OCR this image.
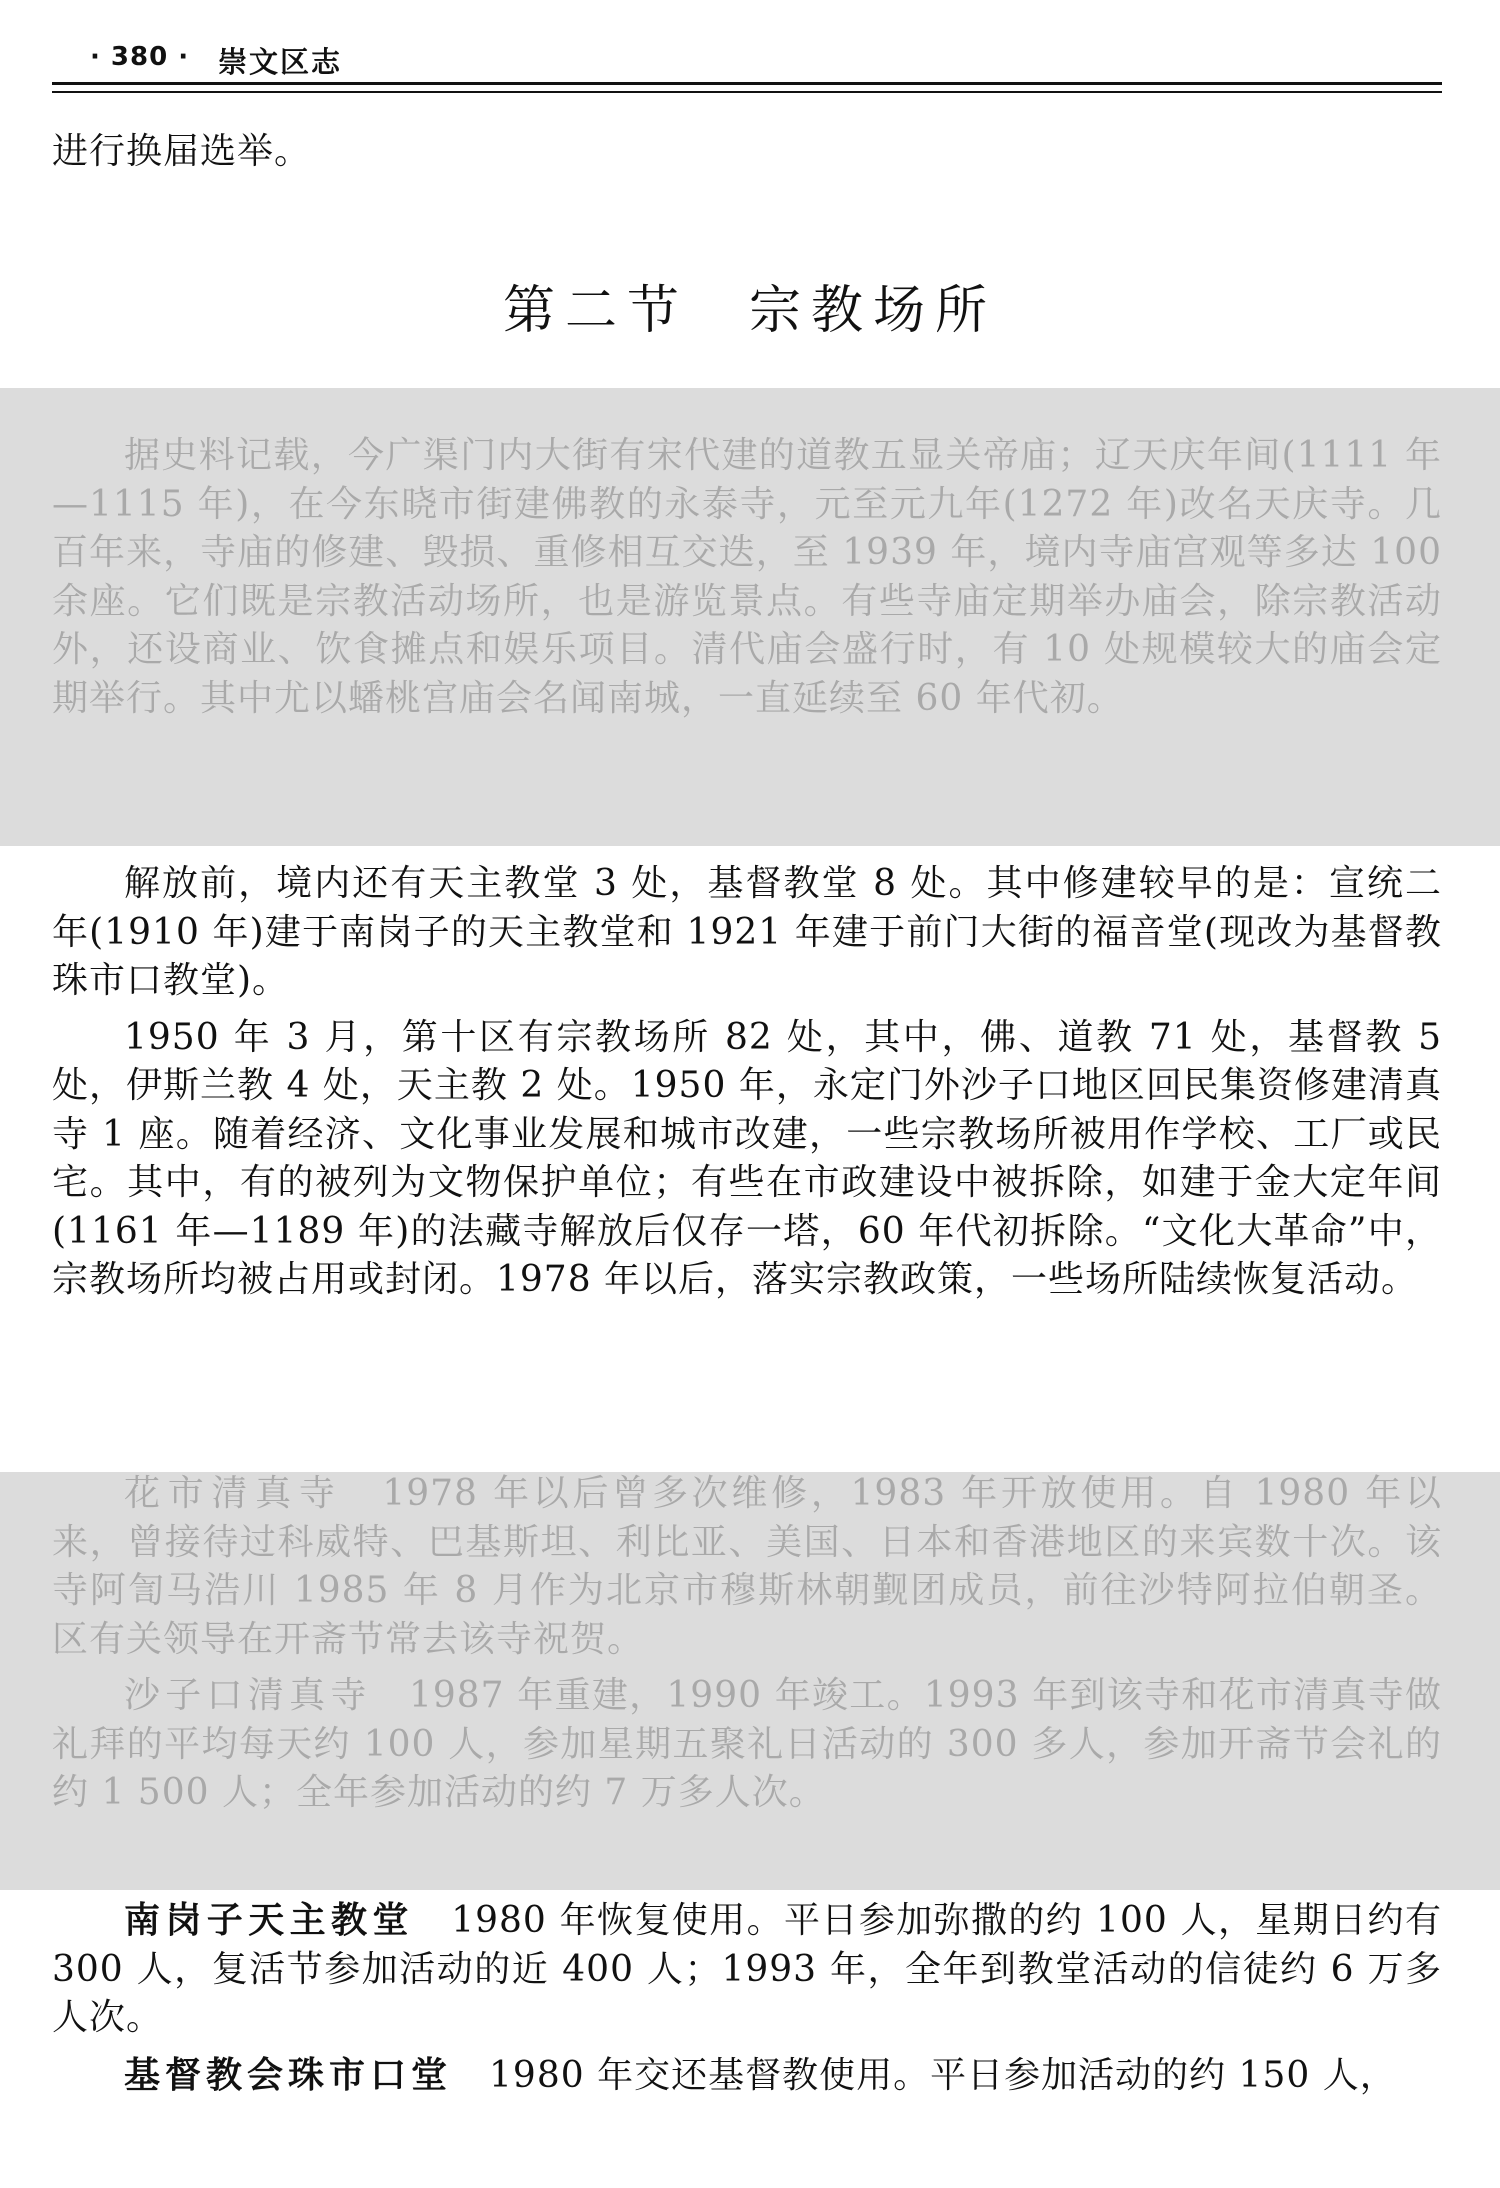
· 380 · 崇文区志

进行换届选举。

第二节 宗教场所

据史料记载，今广渠门内大街有宋代建的道教五显关帝庙；辽天庆年间(1111 年—1115 年)，在今东晓市街建佛教的永泰寺，元至元九年(1272 年)改名天庆寺。几百年来，寺庙的修建、毁损、重修相互交迭，至 1939 年，境内寺庙宫观等多达 100 余座。它们既是宗教活动场所，也是游览景点。有些寺庙定期举办庙会，除宗教活动外，还设商业、饮食摊点和娱乐项目。清代庙会盛行时，有 10 处规模较大的庙会定期举行。其中尤以蟠桃宫庙会名闻南城，一直延续至 60 年代初。

解放前，境内还有天主教堂 3 处，基督教堂 8 处。其中修建较早的是：宣统二年(1910 年)建于南岗子的天主教堂和 1921 年建于前门大街的福音堂(现改为基督教珠市口教堂)。

1950 年 3 月，第十区有宗教场所 82 处，其中，佛、道教 71 处，基督教 5 处，伊斯兰教 4 处，天主教 2 处。1950 年，永定门外沙子口地区回民集资修建清真寺 1 座。随着经济、文化事业发展和城市改建，一些宗教场所被用作学校、工厂或民宅。其中，有的被列为文物保护单位；有些在市政建设中被拆除，如建于金大定年间(1161 年—1189 年)的法藏寺解放后仅存一塔，60 年代初拆除。“文化大革命”中，宗教场所均被占用或封闭。1978 年以后，落实宗教政策，一些场所陆续恢复活动。

花市清真寺　 1978 年以后曾多次维修，1983 年开放使用。自 1980 年以来，曾接待过科威特、巴基斯坦、利比亚、美国、日本和香港地区的来宾数十次。该寺阿訇马浩川 1985 年 8 月作为北京市穆斯林朝觐团成员，前往沙特阿拉伯朝圣。区有关领导在开斋节常去该寺祝贺。

沙子口清真寺　 1987 年重建，1990 年竣工。1993 年到该寺和花市清真寺做礼拜的平均每天约 100 人，参加星期五聚礼日活动的 300 多人，参加开斋节会礼的约 1 500 人；全年参加活动的约 7 万多人次。

南岗子天主教堂　 1980 年恢复使用。平日参加弥撒的约 100 人，星期日约有 300 人，复活节参加活动的近 400 人；1993 年，全年到教堂活动的信徒约 6 万多人次。

基督教会珠市口堂　 1980 年交还基督教使用。平日参加活动的约 150 人，
